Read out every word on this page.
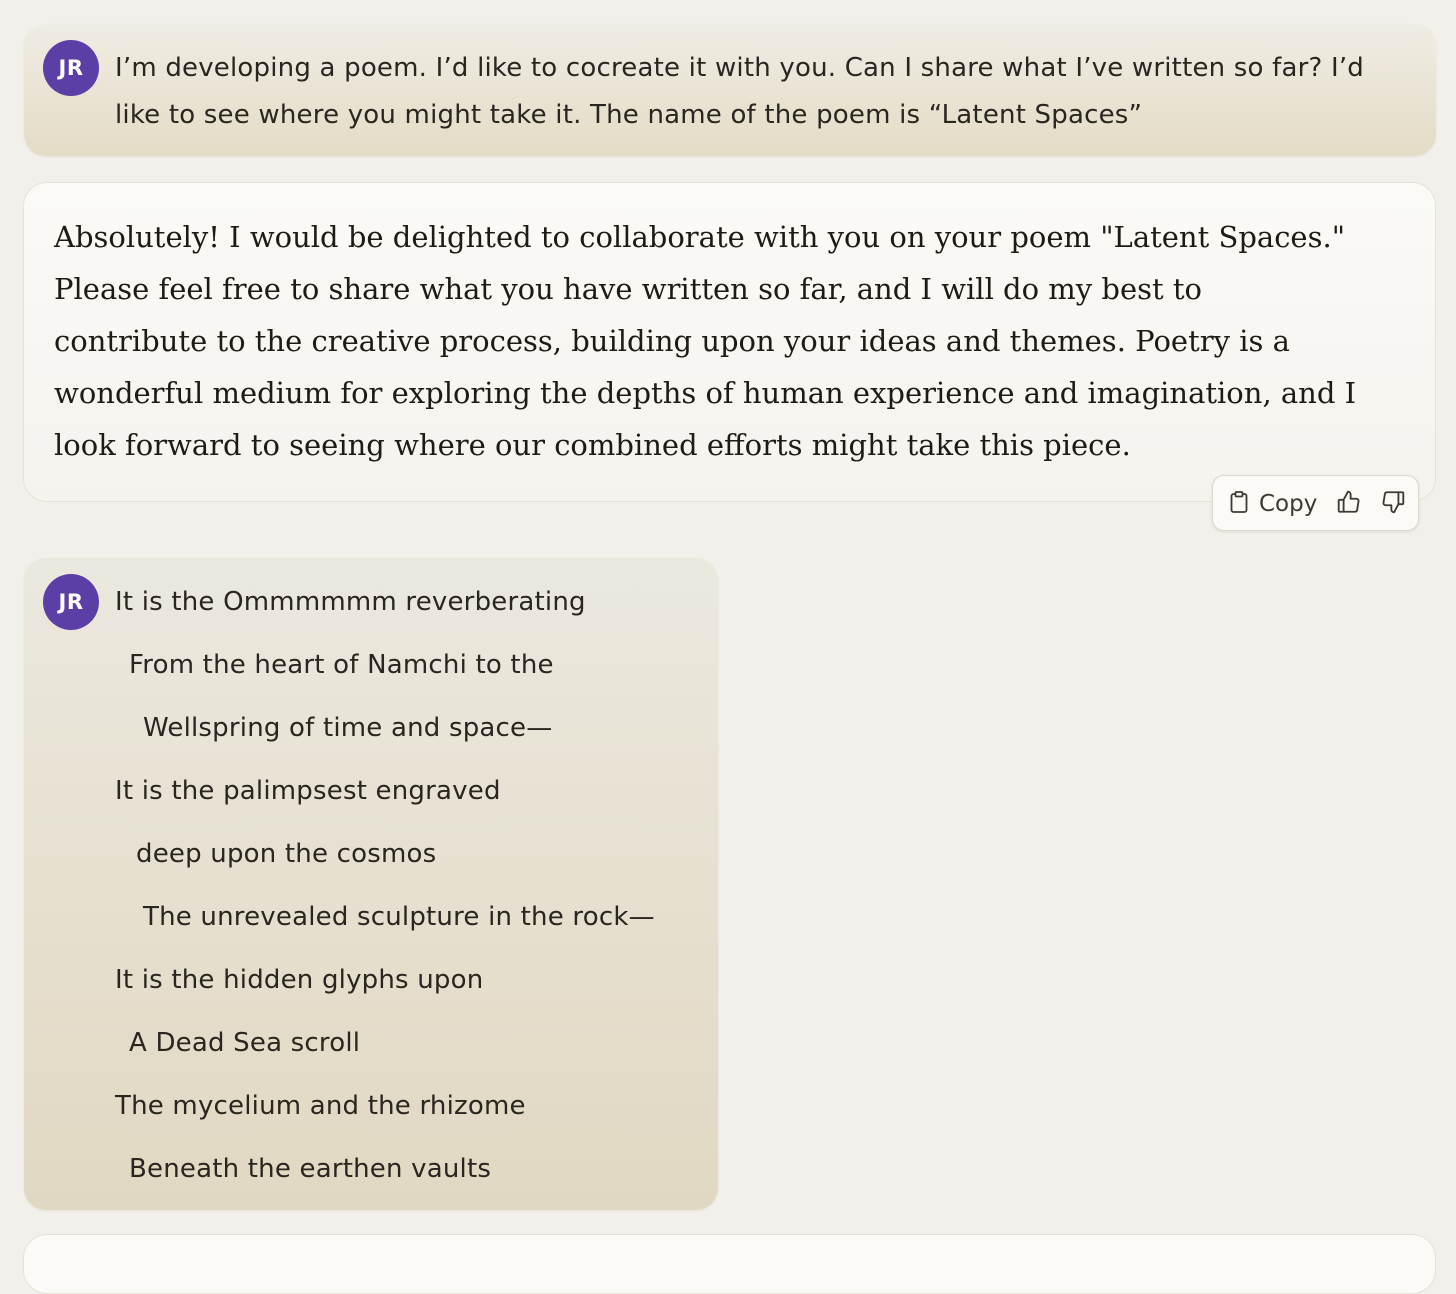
JR	I’m developing a poem. I’d like to cocreate it with you. Can I share what I’ve written so far? I’d like to see where you might take it. The name of the poem is “Latent Spaces”
Absolutely! I would be delighted to collaborate with you on your poem "Latent Spaces." Please feel free to share what you have written so far, and I will do my best to contribute to the creative process, building upon your ideas and themes. Poetry is a wonderful medium for exploring the depths of human experience and imagination, and I look forward to seeing where our combined efforts might take this piece.
Copy
JR	It is the Ommmmmm reverberating
From the heart of Namchi to the
Wellspring of time and space—
It is the palimpsest engraved
deep upon the cosmos
The unrevealed sculpture in the rock—
It is the hidden glyphs upon
A Dead Sea scroll
The mycelium and the rhizome
Beneath the earthen vaults
